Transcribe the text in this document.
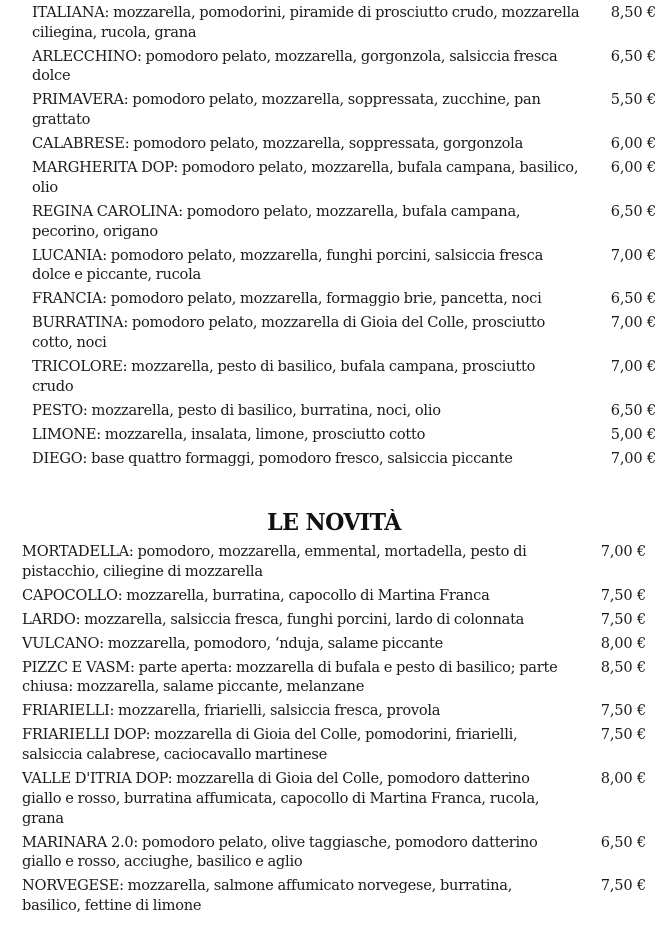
ITALIANA: mozzarella, pomodorini, piramide di prosciutto crudo, mozzarella ciliegina, rucola, grana
8,50 €
ARLECCHINO: pomodoro pelato, mozzarella, gorgonzola, salsiccia fresca dolce
6,50 €
PRIMAVERA: pomodoro pelato, mozzarella, soppressata, zucchine, pan grattato
5,50 €
CALABRESE: pomodoro pelato, mozzarella, soppressata, gorgonzola	6,00 €
MARGHERITA DOP: pomodoro pelato, mozzarella, bufala campana, basilico, olio
6,00 €
REGINA CAROLINA: pomodoro pelato, mozzarella, bufala campana, pecorino, origano
6,50 €
LUCANIA: pomodoro pelato, mozzarella, funghi porcini, salsiccia fresca dolce e piccante, rucola
7,00 €
FRANCIA: pomodoro pelato, mozzarella, formaggio brie, pancetta, noci	6,50 €
BURRATINA: pomodoro pelato, mozzarella di Gioia del Colle, prosciutto cotto, noci
7,00 €
TRICOLORE: mozzarella, pesto di basilico, bufala campana, prosciutto crudo
7,00 €
PESTO: mozzarella, pesto di basilico, burratina, noci, olio	6,50 €
LIMONE: mozzarella, insalata, limone, prosciutto cotto	5,00 €
DIEGO: base quattro formaggi, pomodoro fresco, salsiccia piccante	7,00 €
LE NOVITÀ
MORTADELLA: pomodoro, mozzarella, emmental, mortadella, pesto di pistacchio, ciliegine di mozzarella
7,00 €
CAPOCOLLO: mozzarella, burratina, capocollo di Martina Franca	7,50 €
LARDO: mozzarella, salsiccia fresca, funghi porcini, lardo di colonnata	7,50 €
VULCANO: mozzarella, pomodoro, ‘nduja, salame piccante	8,00 €
PIZZC E VASM: parte aperta: mozzarella di bufala e pesto di basilico; parte chiusa: mozzarella, salame piccante, melanzane
8,50 €
FRIARIELLI: mozzarella, friarielli, salsiccia fresca, provola	7,50 €
FRIARIELLI DOP: mozzarella di Gioia del Colle, pomodorini, friarielli, salsiccia calabrese, caciocavallo martinese
7,50 €
VALLE D'ITRIA DOP: mozzarella di Gioia del Colle, pomodoro datterino giallo e rosso, burratina affumicata, capocollo di Martina Franca, rucola, grana
8,00 €
MARINARA 2.0: pomodoro pelato, olive taggiasche, pomodoro datterino giallo e rosso, acciughe, basilico e aglio
6,50 €
NORVEGESE: mozzarella, salmone affumicato norvegese, burratina, basilico, fettine di limone
7,50 €
